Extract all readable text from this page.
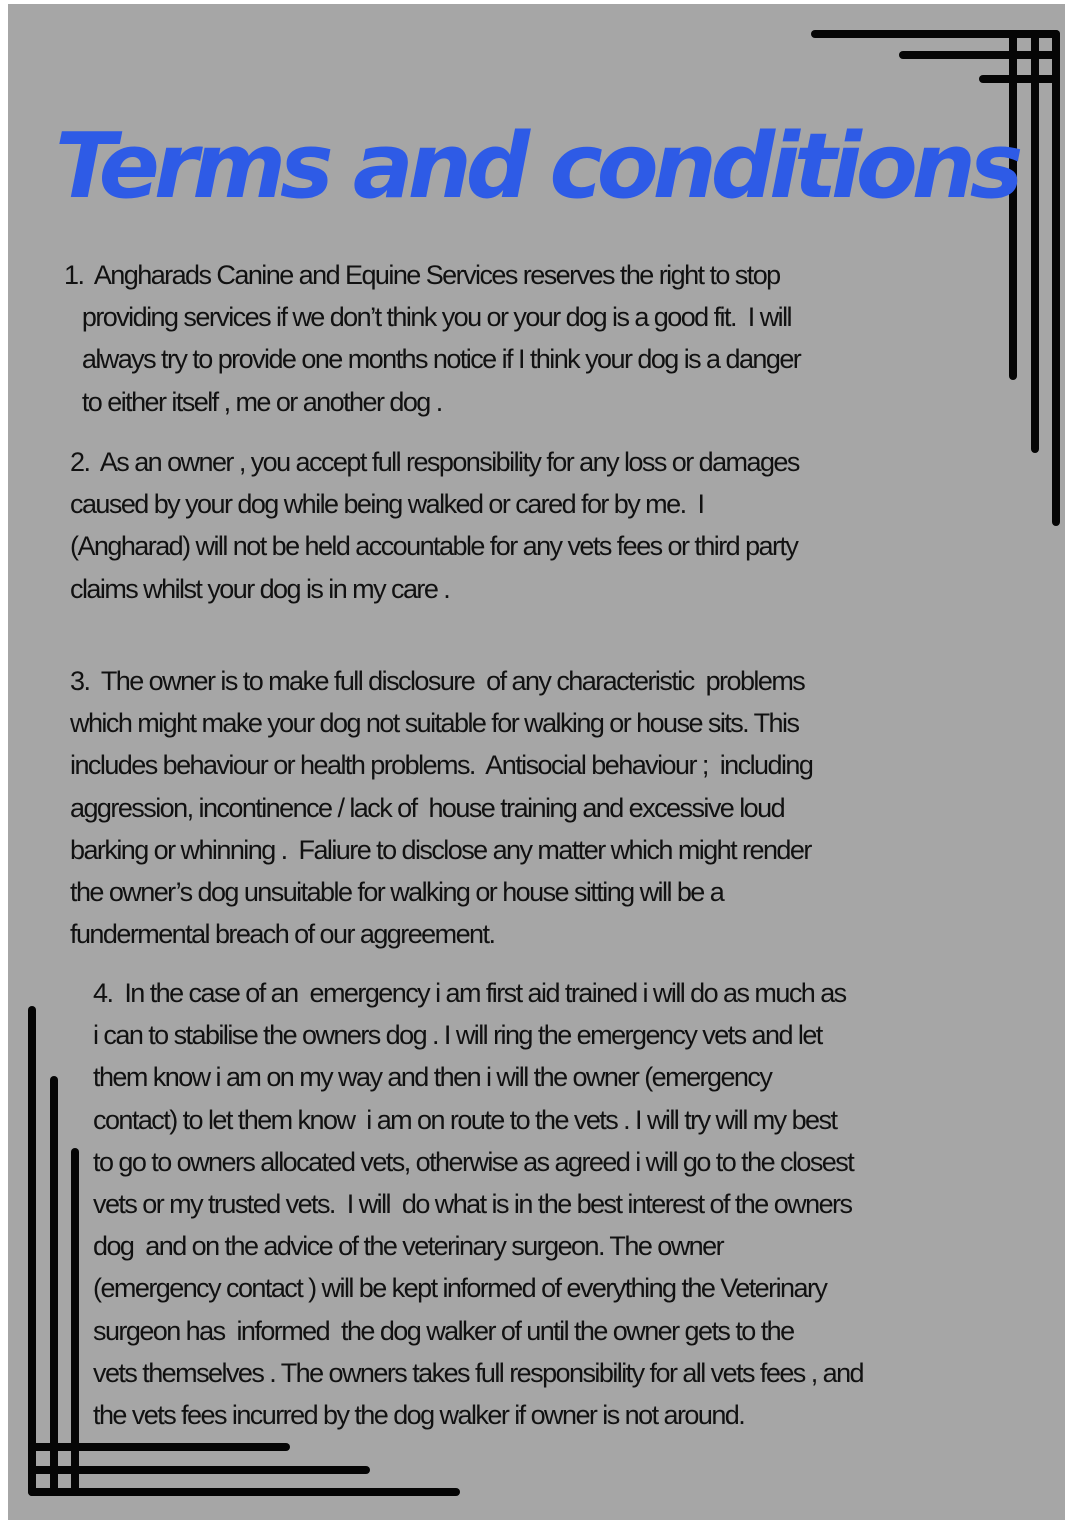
Terms and conditions

1.  Angharads Canine and Equine Services reserves the right to stop
providing services if we don’t think you or your dog is a good fit.  I will
always try to provide one months notice if I think your dog is a danger
to either itself , me or another dog .

2.  As an owner , you accept full responsibility for any loss or damages
caused by your dog while being walked or cared for by me.  I
(Angharad) will not be held accountable for any vets fees or third party
claims whilst your dog is in my care .

3.  The owner is to make full disclosure  of any characteristic  problems
which might make your dog not suitable for walking or house sits. This
includes behaviour or health problems.  Antisocial behaviour ;  including
aggression, incontinence / lack of  house training and excessive loud
barking or whinning .  Faliure to disclose any matter which might render
the owner’s dog unsuitable for walking or house sitting will be a
fundermental breach of our aggreement.

4.  In the case of an  emergency i am first aid trained i will do as much as
i can to stabilise the owners dog . I will ring the emergency vets and let
them know i am on my way and then i will the owner (emergency
contact) to let them know  i am on route to the vets . I will try will my best
to go to owners allocated vets, otherwise as agreed i will go to the closest
vets or my trusted vets.  I will  do what is in the best interest of the owners
dog  and on the advice of the veterinary surgeon. The owner
(emergency contact ) will be kept informed of everything the Veterinary
surgeon has  informed  the dog walker of until the owner gets to the
vets themselves . The owners takes full responsibility for all vets fees , and
the vets fees incurred by the dog walker if owner is not around.
